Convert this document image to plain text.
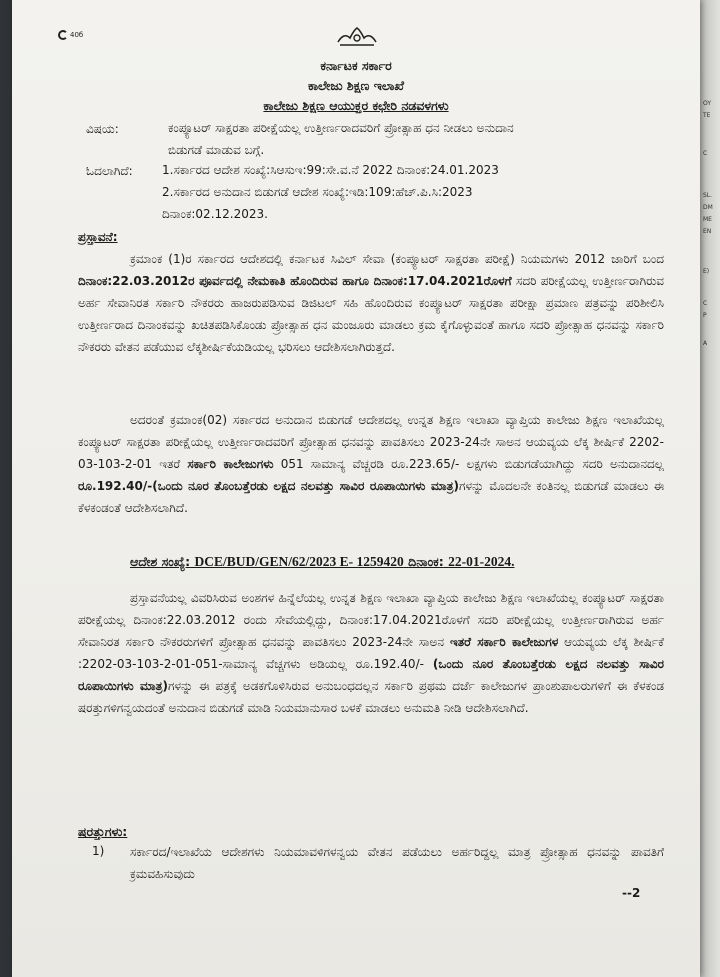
OY
TE
C
SL.
DM
ME
EN
E)
C
P
A
40б
ಕರ್ನಾಟಕ ಸರ್ಕಾರ
ಕಾಲೇಜು ಶಿಕ್ಷಣ ಇಲಾಖೆ
ಕಾಲೇಜು ಶಿಕ್ಷಣ ಆಯುಕ್ತರ ಕಛೇರಿ ನಡವಳಗಳು
ವಿಷಯ:	ಕಂಪ್ಯೂಟರ್ ಸಾಕ್ಷರತಾ ಪರೀಕ್ಷೆಯಲ್ಲ ಉತ್ತೀರ್ಣರಾದವರಿಗೆ ಪ್ರೋತ್ಸಾಹ ಧನ ನೀಡಲು ಅನುದಾನ
ಬಿಡುಗಡೆ ಮಾಡುವ ಬಗ್ಗೆ.
ಓದಲಾಗಿದೆ: 1.ಸರ್ಕಾರದ ಆದೇಶ ಸಂಖ್ಯೆ:ಸಿಆಸುಇ:99:ಸೇ.ವ.ನೆ 2022 ದಿನಾಂಕ:24.01.2023
2.ಸರ್ಕಾರದ ಅನುದಾನ ಬಿಡುಗಡೆ ಆದೇಶ ಸಂಖ್ಯೆ:ಇಡಿ:109:ಹೆಚ್.ಪಿ.ಸಿ:2023
ದಿನಾಂಕ:02.12.2023.
ಪ್ರಸ್ತಾವನೆ:
ಕ್ರಮಾಂಕ (1)ರ ಸರ್ಕಾರದ ಆದೇಶದಲ್ಲಿ ಕರ್ನಾಟಕ ಸಿವಿಲ್ ಸೇವಾ (ಕಂಪ್ಯೂಟರ್ ಸಾಕ್ಷರತಾ ಪರೀಕ್ಷೆ) ನಿಯಮಗಳು 2012 ಜಾರಿಗೆ ಬಂದ ದಿನಾಂಕ:22.03.2012ರ ಪೂರ್ವದಲ್ಲಿ ನೇಮಕಾತಿ ಹೊಂದಿರುವ ಹಾಗೂ ದಿನಾಂಕ:17.04.2021ರೊಳಗೆ ಸದರಿ ಪರೀಕ್ಷೆಯಲ್ಲ ಉತ್ತೀರ್ಣರಾಗಿರುವ ಅರ್ಹ ಸೇವಾನಿರತ ಸರ್ಕಾರಿ ನೌಕರರು ಹಾಜರುಪಡಿಸುವ ಡಿಜಿಟಲ್ ಸಹಿ ಹೊಂದಿರುವ ಕಂಪ್ಯೂಟರ್ ಸಾಕ್ಷರತಾ ಪರೀಕ್ಷಾ ಪ್ರಮಾಣ ಪತ್ರವನ್ನು ಪರಿಶೀಲಿಸಿ ಉತ್ತೀರ್ಣರಾದ ದಿನಾಂಕವನ್ನು ಖಚಿತಪಡಿಸಿಕೊಂಡು ಪ್ರೋತ್ಸಾಹ ಧನ ಮಂಜೂರು ಮಾಡಲು ಕ್ರಮ ಕೈಗೊಳ್ಳುವಂತೆ ಹಾಗೂ ಸದರಿ ಪ್ರೋತ್ಸಾಹ ಧನವನ್ನು ಸರ್ಕಾರಿ ನೌಕರರು ವೇತನ ಪಡೆಯುವ ಲೆಕ್ಕಶೀರ್ಷಿಕೆಯಡಿಯಲ್ಲ ಭರಿಸಲು ಆದೇಶಿಸಲಾಗಿರುತ್ತದೆ.
ಅದರಂತೆ ಕ್ರಮಾಂಕ(02) ಸರ್ಕಾರದ ಅನುದಾನ ಬಿಡುಗಡೆ ಆದೇಶದಲ್ಲ ಉನ್ನತ ಶಿಕ್ಷಣ ಇಲಾಖಾ ವ್ಯಾಪ್ತಿಯ ಕಾಲೇಜು ಶಿಕ್ಷಣ ಇಲಾಖೆಯಲ್ಲ ಕಂಪ್ಯೂಟರ್ ಸಾಕ್ಷರತಾ ಪರೀಕ್ಷೆಯಲ್ಲ ಉತ್ತೀರ್ಣರಾದವರಿಗೆ ಪ್ರೋತ್ಸಾಹ ಧನವನ್ನು ಪಾವತಿಸಲು 2023-24ನೇ ಸಾಅನ ಆಯವ್ಯಯ ಲೆಕ್ಕ ಶೀರ್ಷಿಕೆ 2202-03-103-2-01 ಇತರೆ ಸರ್ಕಾರಿ ಕಾಲೇಜುಗಳು 051 ಸಾಮಾನ್ಯ ವೆಚ್ಚರಡಿ ರೂ.223.65/- ಲಕ್ಷಗಳು ಬಿಡುಗಡೆಯಾಗಿದ್ದು ಸದರಿ ಅನುದಾನದಲ್ಲ ರೂ.192.40/-(ಒಂದು ನೂರ ತೊಂಬತ್ತೆರಡು ಲಕ್ಷದ ನಲವತ್ತು ಸಾವಿರ ರೂಪಾಯಿಗಳು ಮಾತ್ರ)ಗಳನ್ನು ಮೊದಲನೇ ಕಂತಿನಲ್ಲ ಬಿಡುಗಡೆ ಮಾಡಲು ಈ ಕೆಳಕಂಡಂತೆ ಆದೇಶಿಸಲಾಗಿದೆ.
ಆದೇಶ ಸಂಖ್ಯೆ: DCE/BUD/GEN/62/2023 E- 1259420 ದಿನಾಂಕ: 22-01-2024.
ಪ್ರಸ್ತಾವನೆಯಲ್ಲ ವಿವರಿಸಿರುವ ಅಂಶಗಳ ಹಿನ್ನೆಲೆಯಲ್ಲ ಉನ್ನತ ಶಿಕ್ಷಣ ಇಲಾಖಾ ವ್ಯಾಪ್ತಿಯ ಕಾಲೇಜು ಶಿಕ್ಷಣ ಇಲಾಖೆಯಲ್ಲ ಕಂಪ್ಯೂಟರ್ ಸಾಕ್ಷರತಾ ಪರೀಕ್ಷೆಯಲ್ಲ ದಿನಾಂಕ:22.03.2012 ರಂದು ಸೇವೆಯಲ್ಲಿದ್ದು, ದಿನಾಂಕ:17.04.2021ರೊಳಗೆ ಸದರಿ ಪರೀಕ್ಷೆಯಲ್ಲ ಉತ್ತೀರ್ಣರಾಗಿರುವ ಅರ್ಹ ಸೇವಾನಿರತ ಸರ್ಕಾರಿ ನೌಕರರುಗಳಿಗೆ ಪ್ರೋತ್ಸಾಹ ಧನವನ್ನು ಪಾವತಿಸಲು 2023-24ನೇ ಸಾಅನ ಇತರೆ ಸರ್ಕಾರಿ ಕಾಲೇಜುಗಳ ಆಯವ್ಯಯ ಲೆಕ್ಕ ಶೀರ್ಷಿಕೆ :2202-03-103-2-01-051-ಸಾಮಾನ್ಯ ವೆಚ್ಚಗಳು ಅಡಿಯಲ್ಲ ರೂ.192.40/- (ಒಂದು ನೂರ ತೊಂಬತ್ತೆರಡು ಲಕ್ಷದ ನಲವತ್ತು ಸಾವಿರ ರೂಪಾಯಿಗಳು ಮಾತ್ರ)ಗಳನ್ನು ಈ ಪತ್ರಕ್ಕೆ ಅಡಕಗೊಳಿಸಿರುವ ಅನುಬಂಧದಲ್ಲನ ಸರ್ಕಾರಿ ಪ್ರಥಮ ದರ್ಜೆ ಕಾಲೇಜುಗಳ ಪ್ರಾಂಶುಪಾಲರುಗಳಿಗೆ ಈ ಕೆಳಕಂಡ ಷರತ್ತುಗಳಿಗನ್ವಯದಂತೆ ಅನುದಾನ ಬಿಡುಗಡೆ ಮಾಡಿ ನಿಯಮಾನುಸಾರ ಬಳಕೆ ಮಾಡಲು ಅನುಮತಿ ನೀಡಿ ಆದೇಶಿಸಲಾಗಿದೆ.
ಷರತ್ತುಗಳು:
1) ಸರ್ಕಾರದ/ಇಲಾಖೆಯ ಆದೇಶಗಳು ನಿಯಮಾವಳಿಗಳನ್ವಯ ವೇತನ ಪಡೆಯಲು ಅರ್ಹರಿದ್ದಲ್ಲ ಮಾತ್ರ ಪ್ರೋತ್ಸಾಹ ಧನವನ್ನು ಪಾವತಿಗೆ ಕ್ರಮವಹಿಸುವುದು
--2
